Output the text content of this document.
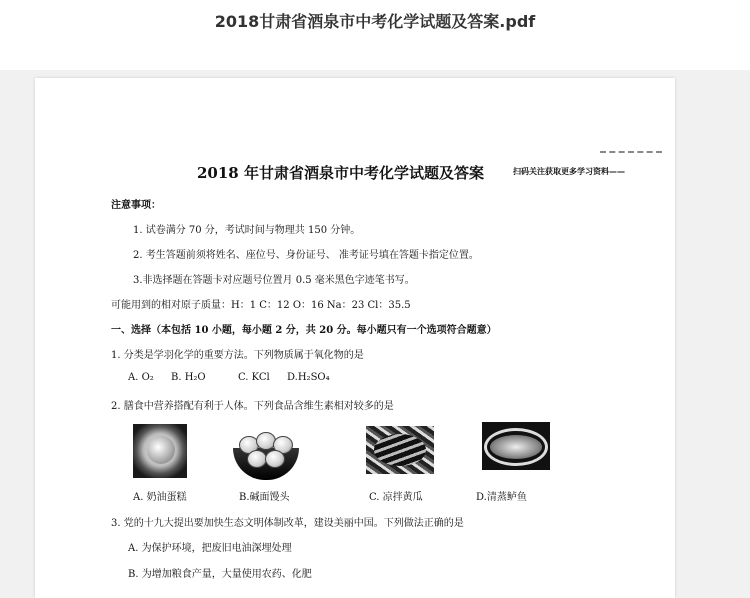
2018甘肃省酒泉市中考化学试题及答案.pdf
扫码关注获取更多学习资料——
2018 年甘肃省酒泉市中考化学试题及答案
注意事项：
1. 试卷满分 70 分，考试时间与物理共 150 分钟。
2. 考生答题前须将姓名、座位号、身份证号、 准考证号填在答题卡指定位置。
3.非选择题在答题卡对应题号位置月 0.5 毫米黑色字迹笔书写。
可能用到的相对原子质量：H：1 C：12 O：16 Na：23 Cl：35.5
一、选择（本包括 10 小题，每小题 2 分，共 20 分。每小题只有一个选项符合题意）
1. 分类是学羽化学的重要方法。下列物质属于氧化物的是
A. O₂ B. H₂O	C. KCl D.H₂SO₄
2. 膳食中营养搭配有利于人体。下列食品含维生素相对较多的是
A. 奶油蛋糕	B.碱面馒头	C. 凉拌黄瓜	D.清蒸鲈鱼
3. 党的十九大提出要加快生态文明体制改革，建设美丽中国。下列做法正确的是
A. 为保护环境，把废旧电油深埋处理
B. 为增加粮食产量，大量使用农药、化肥
